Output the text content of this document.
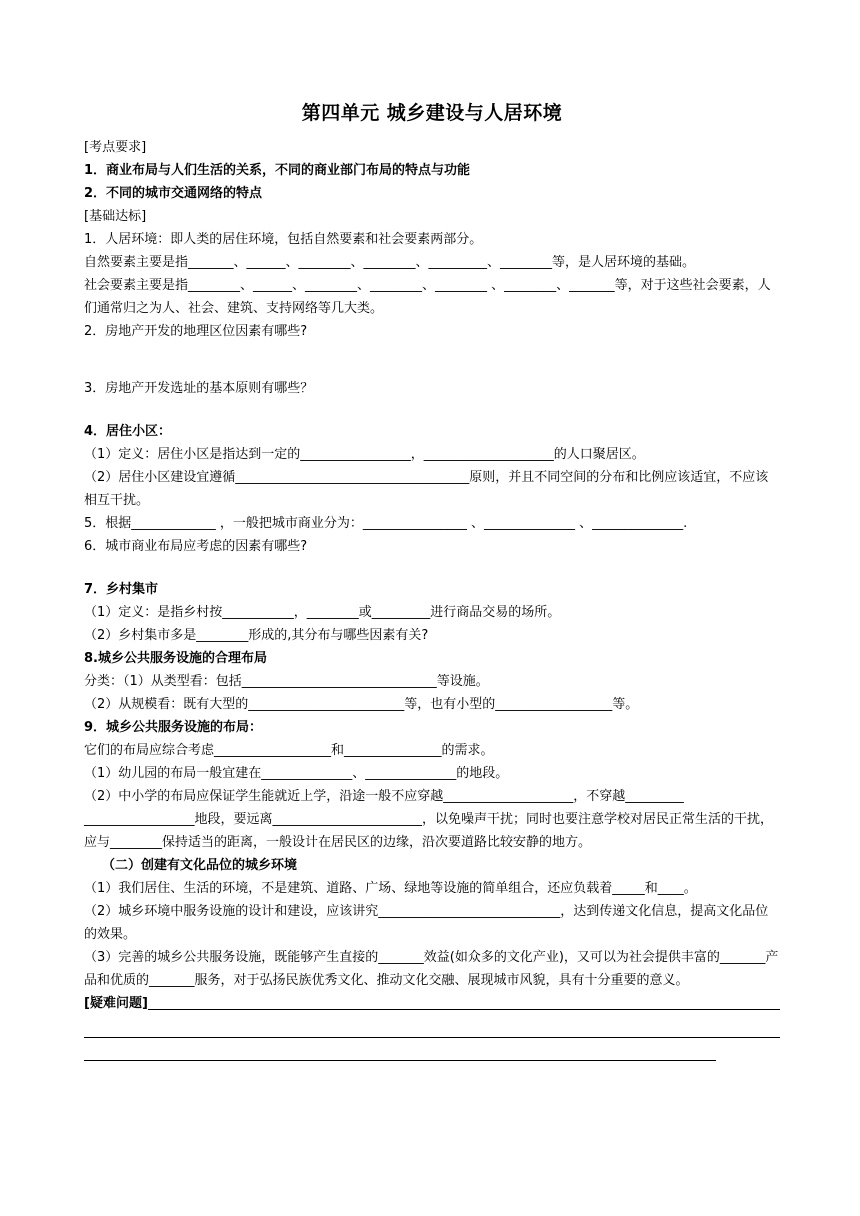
第四单元 城乡建设与人居环境
[考点要求]
1．商业布局与人们生活的关系，不同的商业部门布局的特点与功能
2．不同的城市交通网络的特点
[基础达标]
1．人居环境：即人类的居住环境，包括自然要素和社会要素两部分。
自然要素主要是指_______、______、________、________、_________、________等，是人居环境的基础。
社会要素主要是指________、______、________、________、________ 、________、_______等，对于这些社会要素，人们通常归之为人、社会、建筑、支持网络等几大类。
2．房地产开发的地理区位因素有哪些?
3．房地产开发选址的基本原则有哪些？
4．居住小区：
（1）定义：居住小区是指达到一定的_________________，____________________的人口聚居区。
（2）居住小区建设宜遵循____________________________________原则，并且不同空间的分布和比例应该适宜，不应该相互干扰。
5．根据_____________ ，一般把城市商业分为：________________ 、______________ 、______________.
6．城市商业布局应考虑的因素有哪些?
7．乡村集市
（1）定义：是指乡村按___________，________或_________进行商品交易的场所。
（2）乡村集市多是________形成的,其分布与哪些因素有关?
8.城乡公共服务设施的合理布局
分类：（1）从类型看：包括______________________________等设施。
（2）从规模看：既有大型的________________________等，也有小型的__________________等。
9．城乡公共服务设施的布局：
它们的布局应综合考虑__________________和_______________的需求。
（1）幼儿园的布局一般宜建在______________、______________的地段。
（2）中小学的布局应保证学生能就近上学，沿途一般不应穿越____________________，不穿越_________ _________________地段，要远离_______________________，以免噪声干扰；同时也要注意学校对居民正常生活的干扰，应与________保持适当的距离，一般设计在居民区的边缘，沿次要道路比较安静的地方。
（二）创建有文化品位的城乡环境
（1）我们居住、生活的环境，不是建筑、道路、广场、绿地等设施的简单组合，还应负载着_____和____。
（2）城乡环境中服务设施的设计和建设，应该讲究____________________________，达到传递文化信息，提高文化品位的效果。
（3）完善的城乡公共服务设施，既能够产生直接的_______效益(如众多的文化产业)，又可以为社会提供丰富的_______产品和优质的_______服务，对于弘扬民族优秀文化、推动文化交融、展现城市风貌，具有十分重要的意义。
[疑难问题]
